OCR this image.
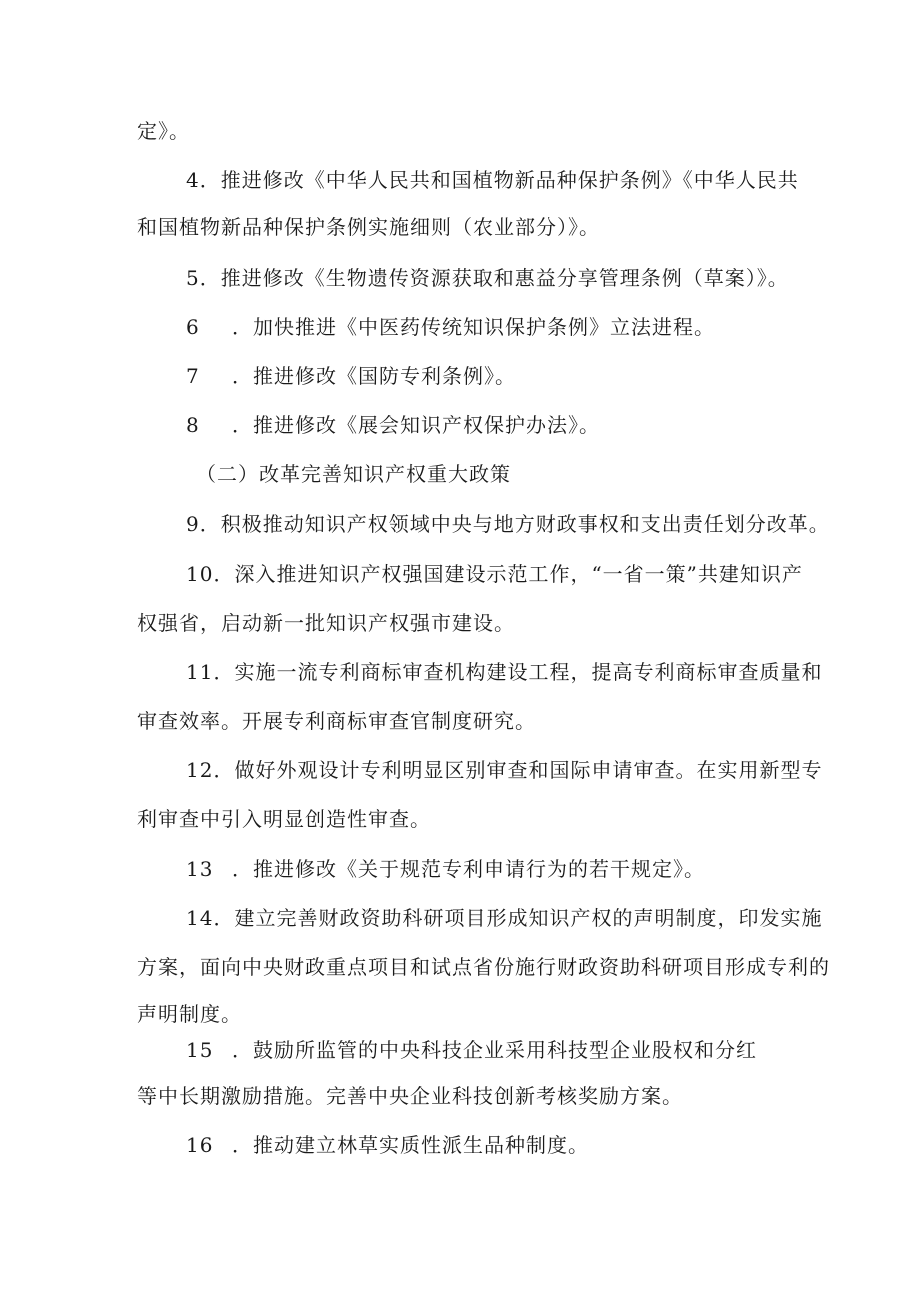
定》。

4．推进修改《中华人民共和国植物新品种保护条例》《中华人民共

和国植物新品种保护条例实施细则（农业部分）》。

5．推进修改《生物遗传资源获取和惠益分享管理条例（草案）》。

6 ．加快推进《中医药传统知识保护条例》立法进程。
7 ．推进修改《国防专利条例》。
8 ．推进修改《展会知识产权保护办法》。

（二）改革完善知识产权重大政策

9．积极推动知识产权领域中央与地方财政事权和支出责任划分改革。

10．深入推进知识产权强国建设示范工作，“一省一策”共建知识产

权强省，启动新一批知识产权强市建设。

11．实施一流专利商标审查机构建设工程，提高专利商标审查质量和

审查效率。开展专利商标审查官制度研究。

12．做好外观设计专利明显区别审查和国际申请审查。在实用新型专

利审查中引入明显创造性审查。

13 ．推进修改《关于规范专利申请行为的若干规定》。

14．建立完善财政资助科研项目形成知识产权的声明制度，印发实施

方案，面向中央财政重点项目和试点省份施行财政资助科研项目形成专利的

声明制度。

15 ．鼓励所监管的中央科技企业采用科技型企业股权和分红

等中长期激励措施。完善中央企业科技创新考核奖励方案。

16 ．推动建立林草实质性派生品种制度。
